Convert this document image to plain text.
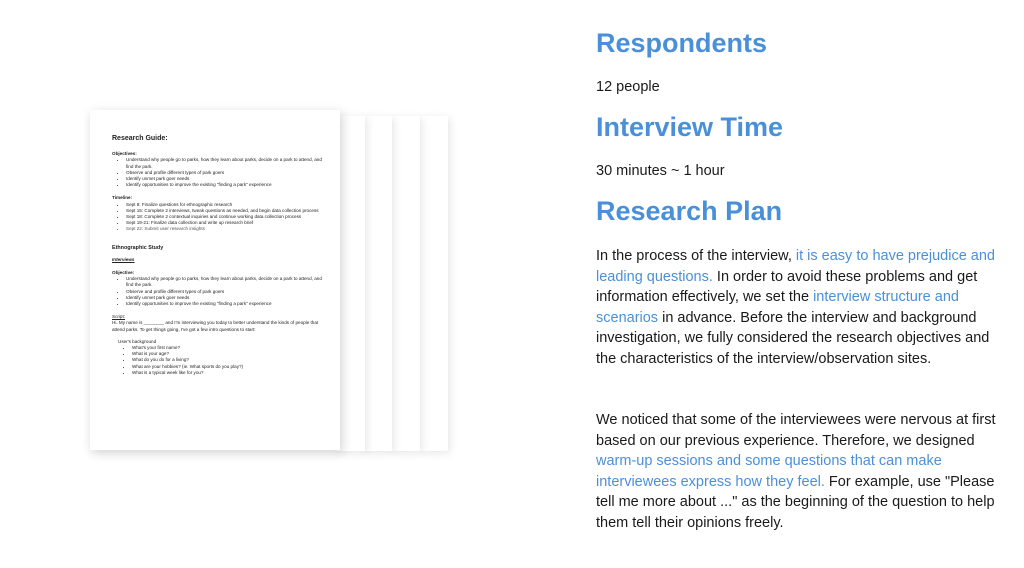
Research Guide:
Objectives:
• Understand why people go to parks, how they learn about parks, decide on a park to attend, and find the park.
• Observe and profile different types of park goers
• Identify unmet park goer needs
• Identify opportunities to improve the existing "finding a park" experience
Timeline:
• Sept 8: Finalize questions for ethnographic research
• Sept 15: Complete 2 interviews, tweak questions as needed, and begin data collection process
• Sept 18: Complete 2 contextual inquiries and continue working data collection process
• Sept 19-21: Finalize data collection and write up research brief
• Sept 22: Submit user research insights
Ethnographic Study
Interviews
Objective:
• Understand why people go to parks, how they learn about parks, decide on a park to attend, and find the park.
• Observe and profile different types of park goers
• Identify unmet park goer needs
• Identify opportunities to improve the existing "finding a park" experience
Script:
Hi. My name is ________ and I'm interviewing you today to better understand the kinds of people that attend parks. To get things going, I've got a few intro questions to start:
User's background
• What's your first name?
• What is your age?
• What do you do for a living?
• What are your hobbies? (ie. What sports do you play?)
• What is a typical week like for you?
Respondents
12 people
Interview Time
30 minutes ~ 1 hour
Research Plan
In the process of the interview, it is easy to have prejudice and leading questions. In order to avoid these problems and get information effectively, we set the interview structure and scenarios in advance. Before the interview and background investigation, we fully considered the research objectives and the characteristics of the interview/observation sites.
We noticed that some of the interviewees were nervous at first based on our previous experience. Therefore, we designed warm-up sessions and some questions that can make interviewees express how they feel. For example, use "Please tell me more about ..." as the beginning of the question to help them tell their opinions freely.
